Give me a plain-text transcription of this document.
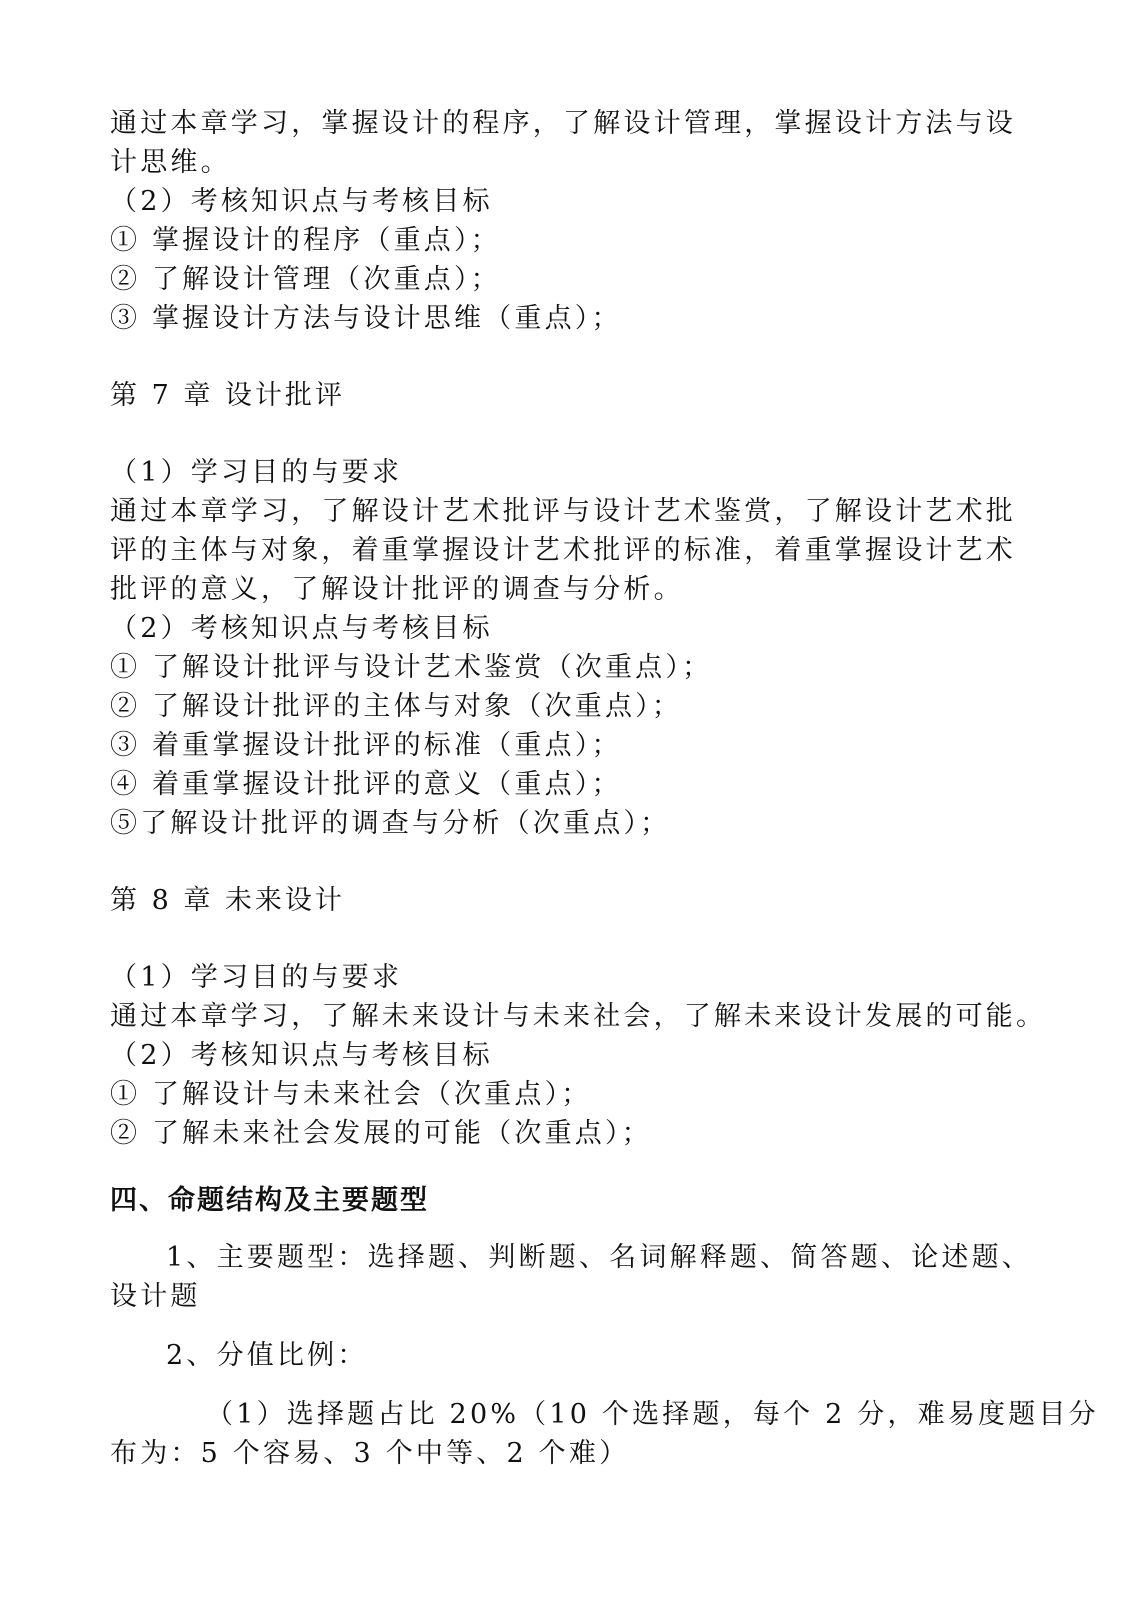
通过本章学习，掌握设计的程序，了解设计管理，掌握设计方法与设
计思维。
（2）考核知识点与考核目标
① 掌握设计的程序（重点）；
② 了解设计管理（次重点）；
③ 掌握设计方法与设计思维（重点）；
第 7 章 设计批评
（1）学习目的与要求
通过本章学习，了解设计艺术批评与设计艺术鉴赏，了解设计艺术批
评的主体与对象，着重掌握设计艺术批评的标准，着重掌握设计艺术
批评的意义，了解设计批评的调查与分析。
（2）考核知识点与考核目标
① 了解设计批评与设计艺术鉴赏（次重点）；
② 了解设计批评的主体与对象（次重点）；
③ 着重掌握设计批评的标准（重点）；
④ 着重掌握设计批评的意义（重点）；
⑤了解设计批评的调查与分析（次重点）；
第 8 章 未来设计
（1）学习目的与要求
通过本章学习，了解未来设计与未来社会，了解未来设计发展的可能。
（2）考核知识点与考核目标
① 了解设计与未来社会（次重点）；
② 了解未来社会发展的可能（次重点）；
四、命题结构及主要题型
1、主要题型：选择题、判断题、名词解释题、简答题、论述题、
设计题
2、分值比例：
（1）选择题占比 20%（10 个选择题，每个 2 分，难易度题目分
布为：5 个容易、3 个中等、2 个难）
